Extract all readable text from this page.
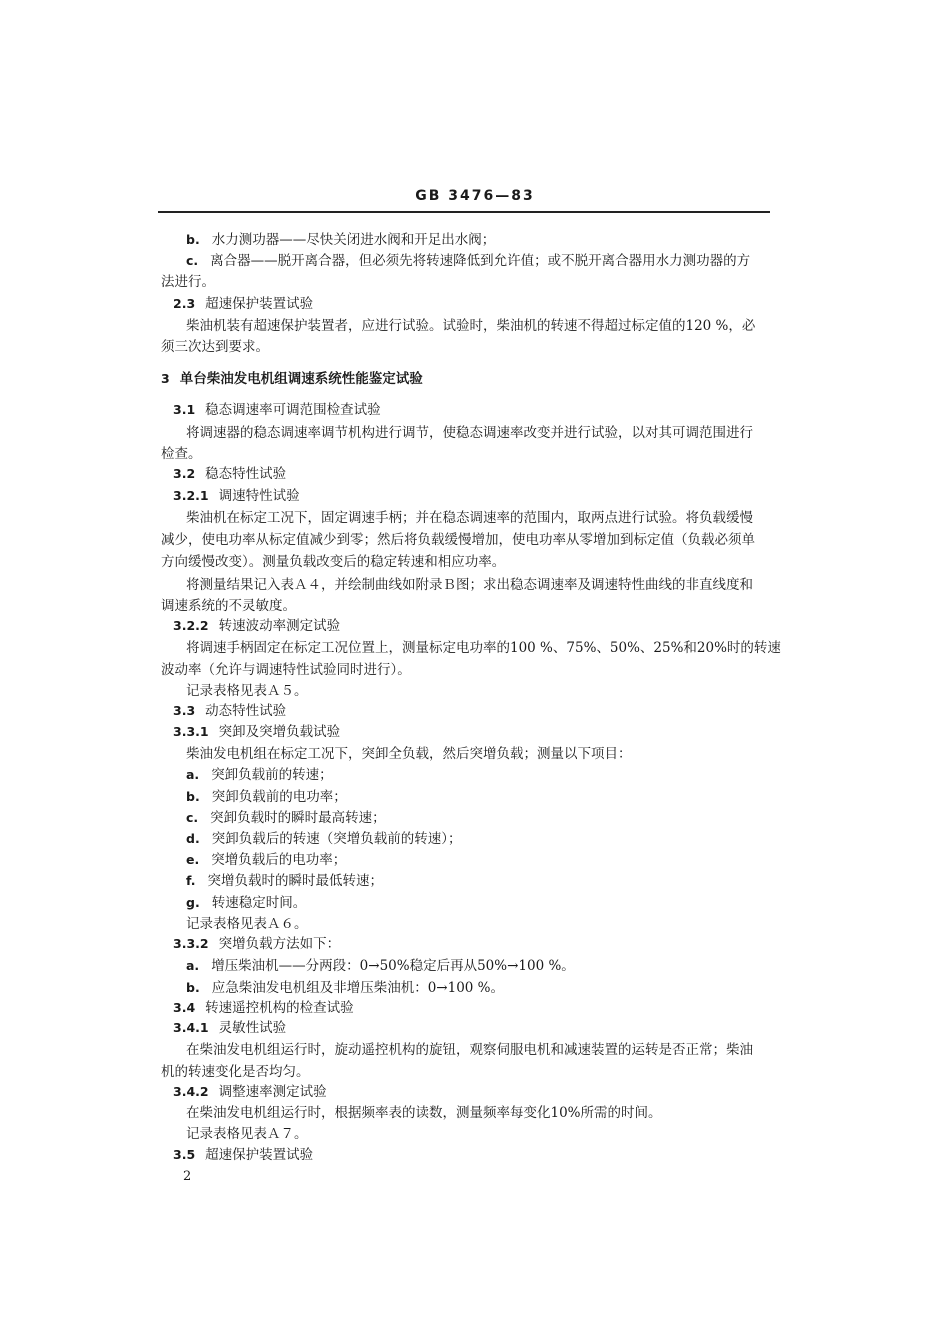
GB 3476—83
b. 水力测功器——尽快关闭进水阀和开足出水阀；
c. 离合器——脱开离合器，但必须先将转速降低到允许值；或不脱开离合器用水力测功器的方
法进行。
2.3 超速保护装置试验
柴油机装有超速保护装置者，应进行试验。试验时，柴油机的转速不得超过标定值的120 %，必
须三次达到要求。
3 单台柴油发电机组调速系统性能鉴定试验
3.1 稳态调速率可调范围检查试验
将调速器的稳态调速率调节机构进行调节，使稳态调速率改变并进行试验，以对其可调范围进行
检查。
3.2 稳态特性试验
3.2.1 调速特性试验
柴油机在标定工况下，固定调速手柄；并在稳态调速率的范围内，取两点进行试验。将负载缓慢
减少，使电功率从标定值减少到零；然后将负载缓慢增加，使电功率从零增加到标定值（负载必须单
方向缓慢改变）。测量负载改变后的稳定转速和相应功率。
将测量结果记入表Ａ４，并绘制曲线如附录Ｂ图；求出稳态调速率及调速特性曲线的非直线度和
调速系统的不灵敏度。
3.2.2 转速波动率测定试验
将调速手柄固定在标定工况位置上，测量标定电功率的100 %、75%、50%、25%和20%时的转速
波动率（允许与调速特性试验同时进行）。
记录表格见表Ａ５。
3.3 动态特性试验
3.3.1 突卸及突增负载试验
柴油发电机组在标定工况下，突卸全负载，然后突增负载；测量以下项目：
a. 突卸负载前的转速；
b. 突卸负载前的电功率；
c. 突卸负载时的瞬时最高转速；
d. 突卸负载后的转速（突增负载前的转速）；
e. 突增负载后的电功率；
f. 突增负载时的瞬时最低转速；
g. 转速稳定时间。
记录表格见表Ａ６。
3.3.2 突增负载方法如下：
a. 增压柴油机——分两段：0→50%稳定后再从50%→100 %。
b. 应急柴油发电机组及非增压柴油机：0→100 %。
3.4 转速遥控机构的检查试验
3.4.1 灵敏性试验
在柴油发电机组运行时，旋动遥控机构的旋钮，观察伺服电机和减速装置的运转是否正常；柴油
机的转速变化是否均匀。
3.4.2 调整速率测定试验
在柴油发电机组运行时，根据频率表的读数，测量频率每变化10%所需的时间。
记录表格见表Ａ７。
3.5 超速保护装置试验
2
